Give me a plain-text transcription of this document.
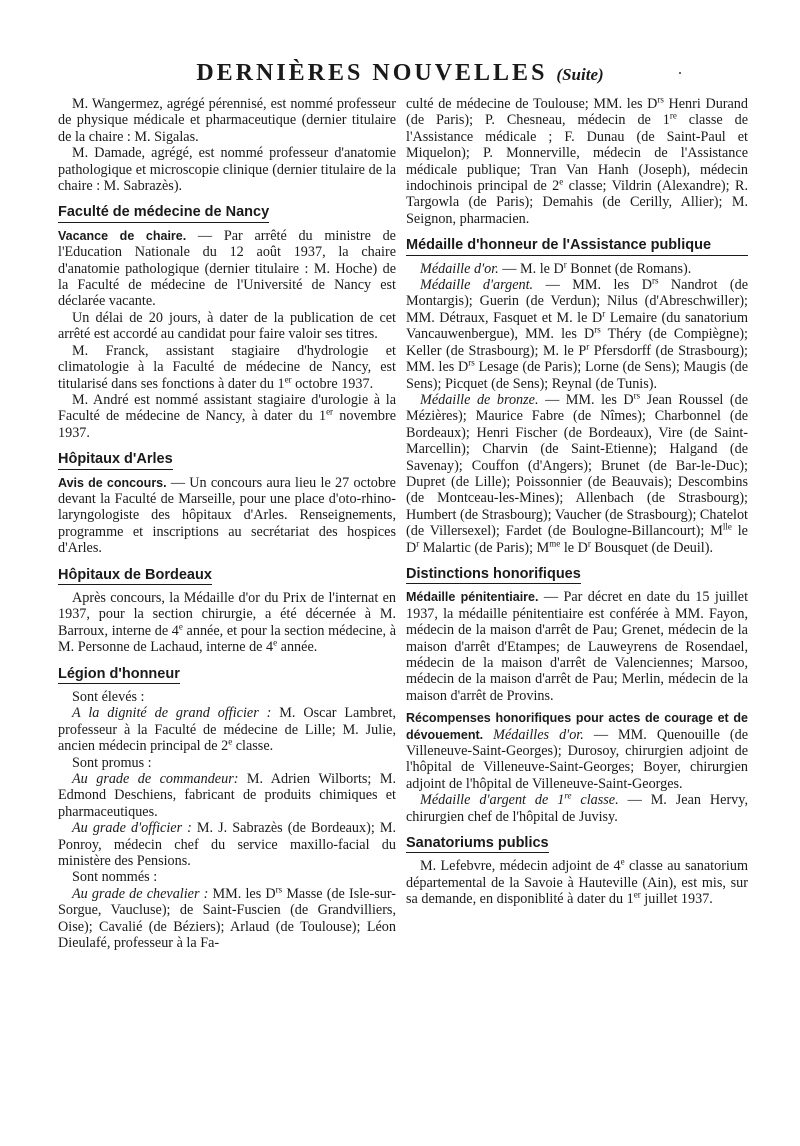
DERNIÈRES NOUVELLES (Suite)

M. Wangermez, agrégé pérennisé, est nommé professeur de physique médicale et pharmaceutique (dernier titulaire de la chaire : M. Sigalas.

M. Damade, agrégé, est nommé professeur d'anatomie pathologique et microscopie clinique (dernier titulaire de la chaire : M. Sabrazès).

Faculté de médecine de Nancy

Vacance de chaire. — Par arrêté du ministre de l'Education Nationale du 12 août 1937, la chaire d'anatomie pathologique (dernier titulaire : M. Hoche) de la Faculté de médecine de l'Université de Nancy est déclarée vacante.

Un délai de 20 jours, à dater de la publication de cet arrêté est accordé au candidat pour faire valoir ses titres.

M. Franck, assistant stagiaire d'hydrologie et climatologie à la Faculté de médecine de Nancy, est titularisé dans ses fonctions à dater du 1er octobre 1937.

M. André est nommé assistant stagiaire d'urologie à la Faculté de médecine de Nancy, à dater du 1er novembre 1937.

Hôpitaux d'Arles

Avis de concours. — Un concours aura lieu le 27 octobre devant la Faculté de Marseille, pour une place d'oto-rhino-laryngologiste des hôpitaux d'Arles. Renseignements, programme et inscriptions au secrétariat des hospices d'Arles.

Hôpitaux de Bordeaux

Après concours, la Médaille d'or du Prix de l'internat en 1937, pour la section chirurgie, a été décernée à M. Barroux, interne de 4e année, et pour la section médecine, à M. Personne de Lachaud, interne de 4e année.

Légion d'honneur

Sont élevés :

A la dignité de grand officier : M. Oscar Lambret, professeur à la Faculté de médecine de Lille; M. Julie, ancien médecin principal de 2e classe.

Sont promus :

Au grade de commandeur: M. Adrien Wilborts; M. Edmond Deschiens, fabricant de produits chimiques et pharmaceutiques.

Au grade d'officier : M. J. Sabrazès (de Bordeaux); M. Ponroy, médecin chef du service maxillo-facial du ministère des Pensions.

Sont nommés :

Au grade de chevalier : MM. les $D^{rs}$ Masse (de Isle-sur-Sorgue, Vaucluse); de Saint-Fuscien (de Grandvilliers, Oise); Cavalié (de Béziers); Arlaud (de Toulouse); Léon Dieulafé, professeur à la Fa-

culté de médecine de Toulouse; MM. les $D^{rs}$ Henri Durand (de Paris); P. Chesneau, médecin de 1re classe de l'Assistance médicale ; F. Dunau (de Saint-Paul et Miquelon); P. Monnerville, médecin de l'Assistance médicale publique; Tran Van Hanh (Joseph), médecin indochinois principal de 2e classe; Vildrin (Alexandre); R. Targowla (de Paris); Demahis (de Cerilly, Allier); M. Seignon, pharmacien.

Médaille d'honneur de l'Assistance publique

Médaille d'or. — M. le $D^r$ Bonnet (de Romans).

Médaille d'argent. — MM. les $D^{rs}$ Nandrot (de Montargis); Guerin (de Verdun); Nilus (d'Abreschwiller); MM. Détraux, Fasquet et M. le $D^r$ Lemaire (du sanatorium Vancauwenbergue), MM. les $D^{rs}$ Théry (de Compiègne); Keller (de Strasbourg); M. le $P^r$ Pfersdorff (de Strasbourg); MM. les $D^{rs}$ Lesage (de Paris); Lorne (de Sens); Maugis (de Sens); Picquet (de Sens); Reynal (de Tunis).

Médaille de bronze. — MM. les $D^{rs}$ Jean Roussel (de Mézières); Maurice Fabre (de Nîmes); Charbonnel (de Bordeaux); Henri Fischer (de Bordeaux), Vire (de Saint-Marcellin); Charvin (de Saint-Etienne); Halgand (de Savenay); Couffon (d'Angers); Brunet (de Bar-le-Duc); Dupret (de Lille); Poissonnier (de Beauvais); Descombins (de Montceau-les-Mines); Allenbach (de Strasbourg); Humbert (de Strasbourg); Vaucher (de Strasbourg); Chatelot (de Villersexel); Fardet (de Boulogne-Billancourt); $M^{lle}$ le $D^r$ Malartic (de Paris); $M^{me}$ le $D^r$ Bousquet (de Deuil).

Distinctions honorifiques

Médaille pénitentiaire. — Par décret en date du 15 juillet 1937, la médaille pénitentiaire est conférée à MM. Fayon, médecin de la maison d'arrêt de Pau; Grenet, médecin de la maison d'arrêt d'Etampes; de Lauweyrens de Rosendael, médecin de la maison d'arrêt de Valenciennes; Marsoo, médecin de la maison d'arrêt de Pau; Merlin, médecin de la maison d'arrêt de Provins.

Récompenses honorifiques pour actes de courage et de dévouement. Médailles d'or. — MM. Quenouille (de Villeneuve-Saint-Georges); Durosoy, chirurgien adjoint de l'hôpital de Villeneuve-Saint-Georges; Boyer, chirurgien adjoint de l'hôpital de Villeneuve-Saint-Georges.

Médaille d'argent de 1re classe. — M. Jean Hervy, chirurgien chef de l'hôpital de Juvisy.

Sanatoriums publics

M. Lefebvre, médecin adjoint de 4e classe au sanatorium départemental de la Savoie à Hauteville (Ain), est mis, sur sa demande, en disponiblité à dater du 1er juillet 1937.
